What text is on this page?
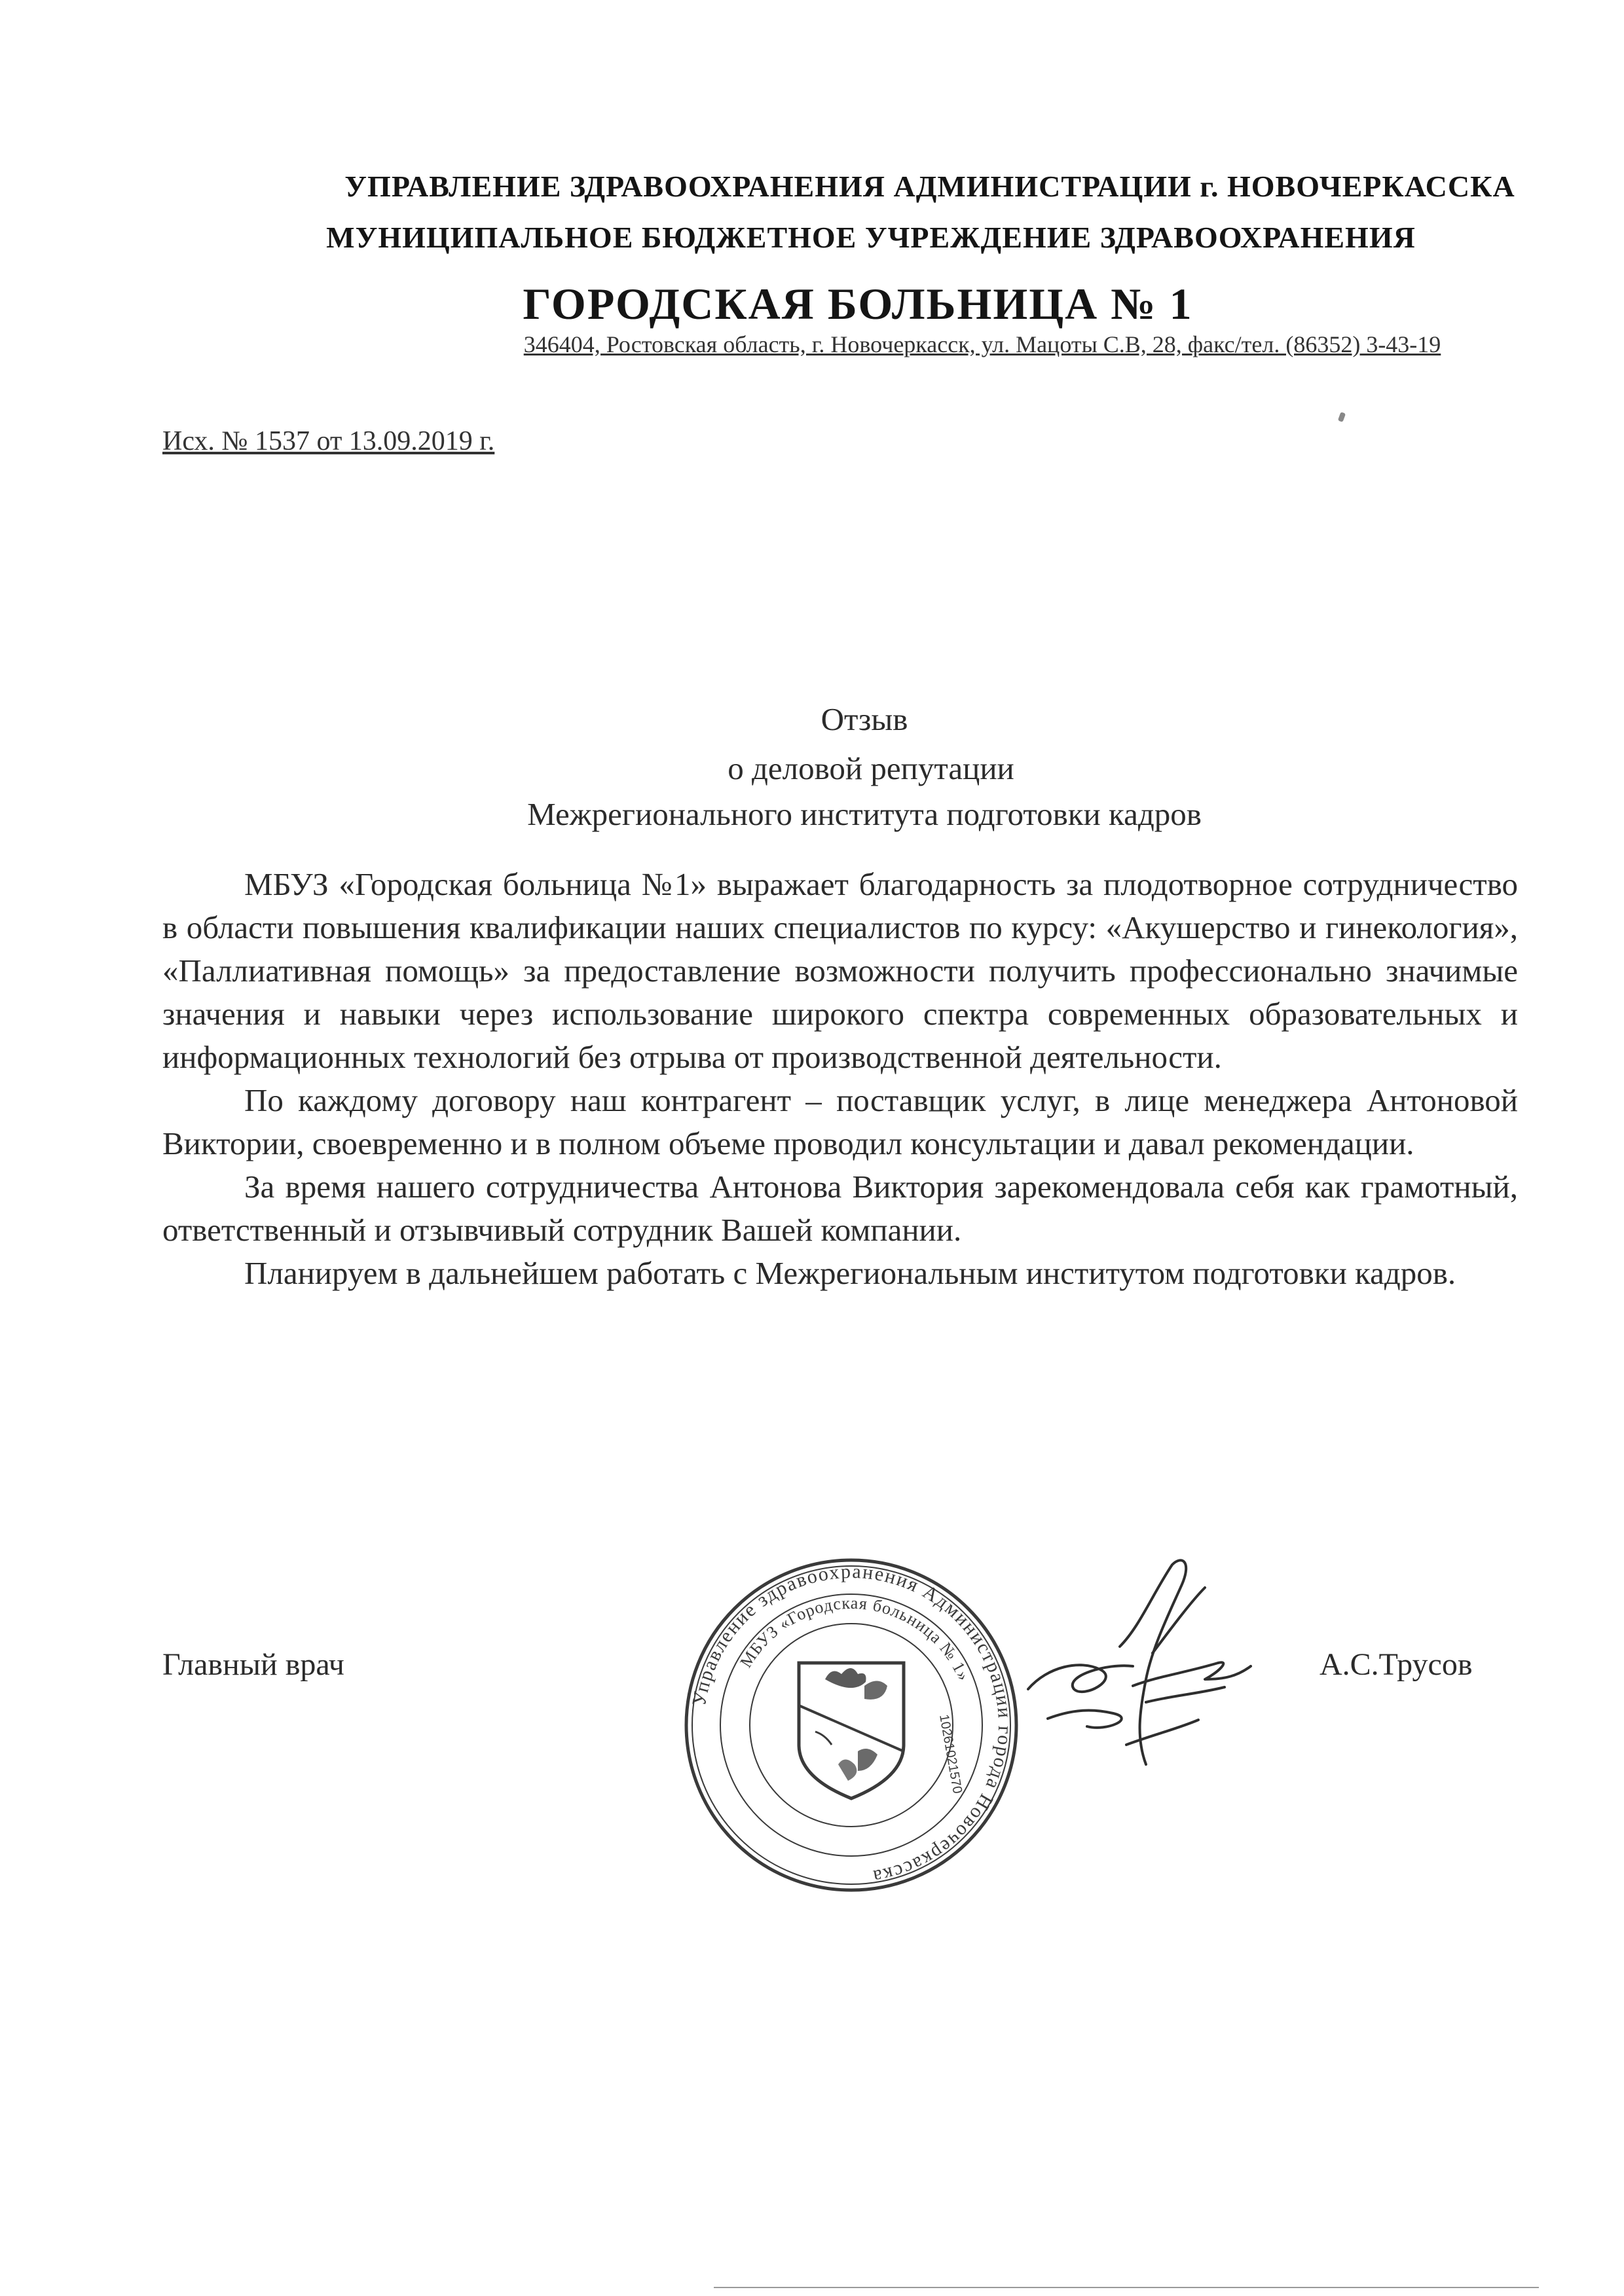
УПРАВЛЕНИЕ ЗДРАВООХРАНЕНИЯ АДМИНИСТРАЦИИ г. НОВОЧЕРКАССКА
МУНИЦИПАЛЬНОЕ БЮДЖЕТНОЕ УЧРЕЖДЕНИЕ ЗДРАВООХРАНЕНИЯ
ГОРОДСКАЯ БОЛЬНИЦА № 1
346404, Ростовская область, г. Новочеркасск, ул. Мацоты С.В, 28, факс/тел. (86352) 3-43-19
Исх. № 1537 от 13.09.2019 г.
Отзыв
о деловой репутации
Межрегионального института подготовки кадров

МБУЗ «Городская больница №1» выражает благодарность за плодотворное сотрудничество в области повышения квалификации наших специалистов по курсу: «Акушерство и гинекология», «Паллиативная помощь» за предоставление возможности получить профессионально значимые значения и навыки через использование широкого спектра современных образовательных и информационных технологий без отрыва от производственной деятельности.

По каждому договору наш контрагент – поставщик услуг, в лице менеджера Антоновой Виктории, своевременно и в полном объеме проводил консультации и давал рекомендации.

За время нашего сотрудничества Антонова Виктория зарекомендовала себя как грамотный, ответственный и отзывчивый сотрудник Вашей компании.

Планируем в дальнейшем работать с Межрегиональным институтом подготовки кадров.

Главный врач
Управление здравоохранения Администрации города Новочеркасска
МБУЗ «Городская больница № 1»
10261021570
А.С.Трусов
